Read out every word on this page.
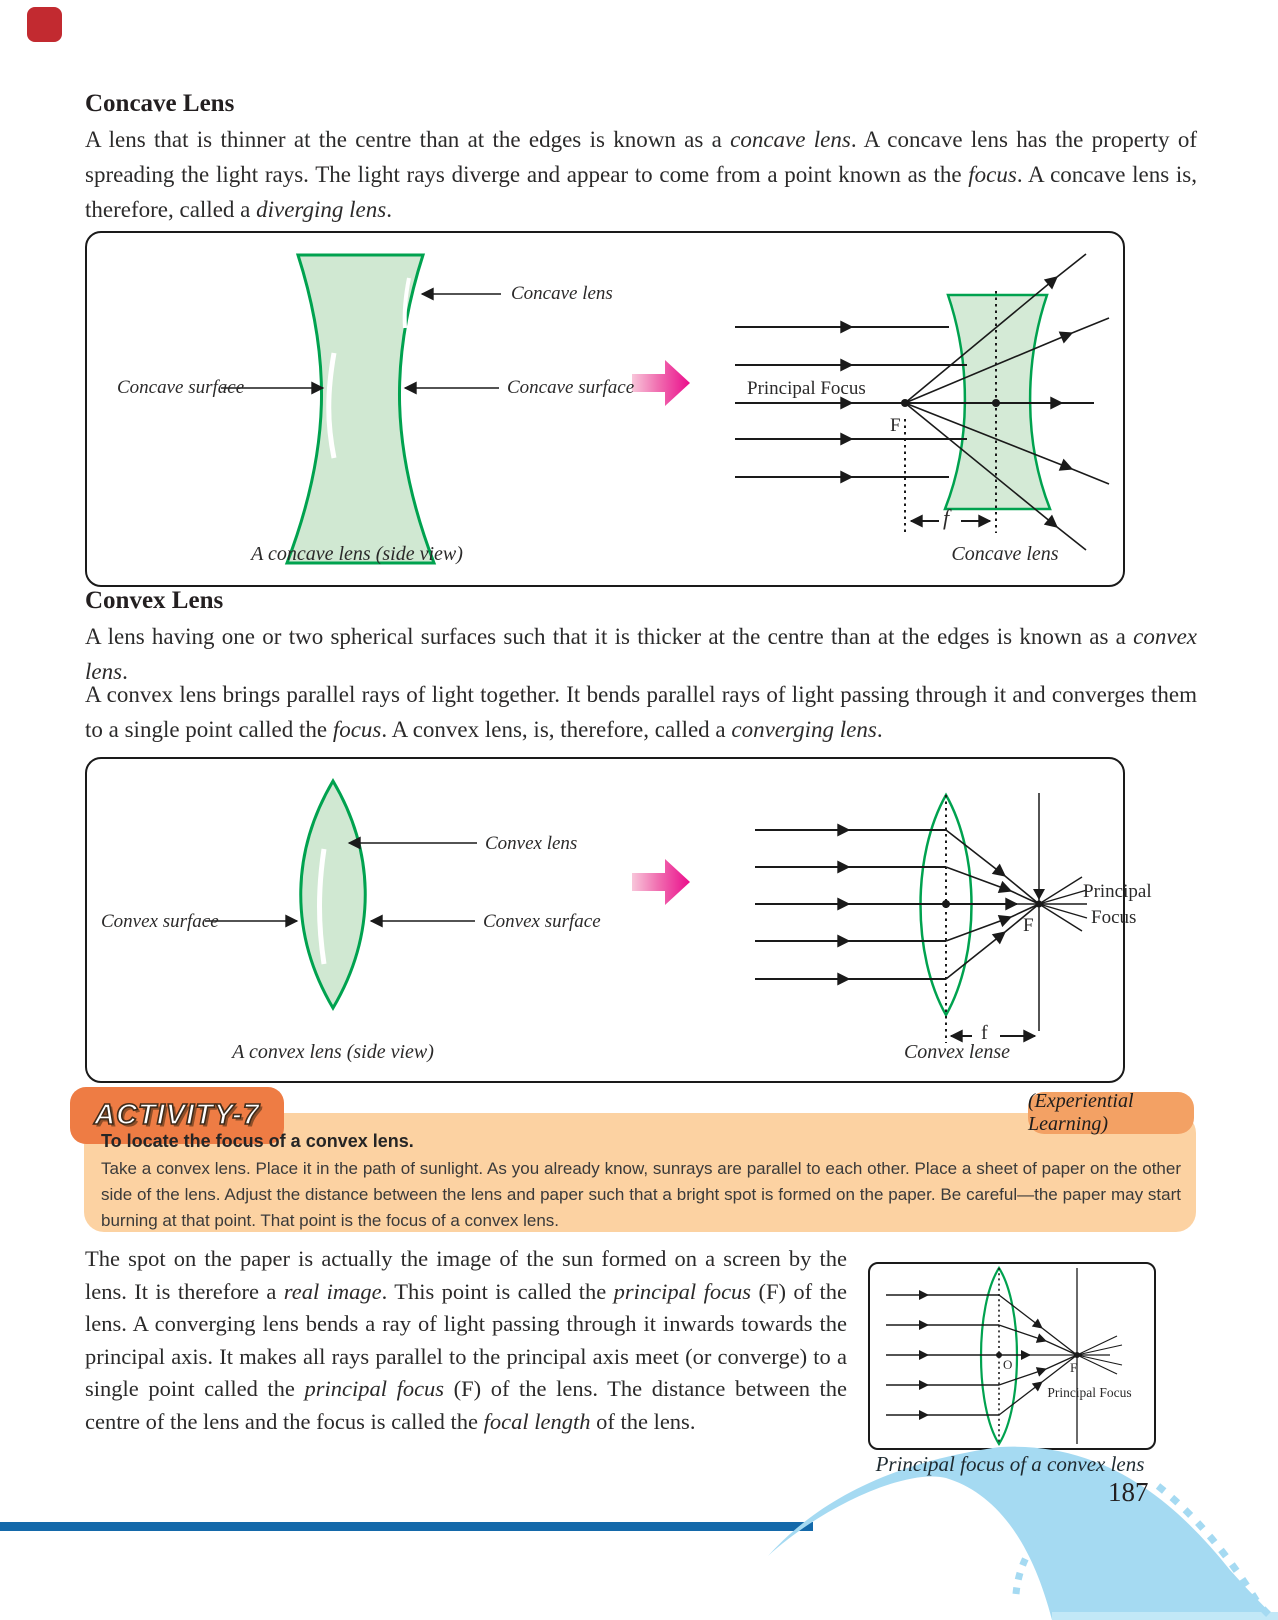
Concave Lens
A lens that is thinner at the centre than at the edges is known as a concave lens. A concave lens has the property of spreading the light rays. The light rays diverge and appear to come from a point known as the focus. A concave lens is, therefore, called a diverging lens.
Concave lens
Concave surface	Concave surface	Principal Focus
F
f
A concave lens (side view)	Concave lens
Convex Lens
A lens having one or two spherical surfaces such that it is thicker at the centre than at the edges is known as a convex lens.
A convex lens brings parallel rays of light together. It bends parallel rays of light passing through it and converges them to a single point called the focus. A convex lens, is, therefore, called a converging lens.
Convex lens
Convex surface	Convex surface
Principal
Focus
F
f
A convex lens (side view)	Convex lense
ACTIVITY-7	(Experiential Learning)
To locate the focus of a convex lens.
Take a convex lens. Place it in the path of sunlight. As you already know, sunrays are parallel to each other. Place a sheet of paper on the other side of the lens. Adjust the distance between the lens and paper such that a bright spot is formed on the paper. Be careful—the paper may start burning at that point. That point is the focus of a convex lens.
The spot on the paper is actually the image of the sun formed on a screen by the lens. It is therefore a real image. This point is called the principal focus (F) of the lens. A converging lens bends a ray of light passing through it inwards towards the principal axis. It makes all rays parallel to the principal axis meet (or converge) to a single point called the principal focus (F) of the lens. The distance between the centre of the lens and the focus is called the focal length of the lens.
O	F
Principal Focus
Principal focus of a convex lens
187
